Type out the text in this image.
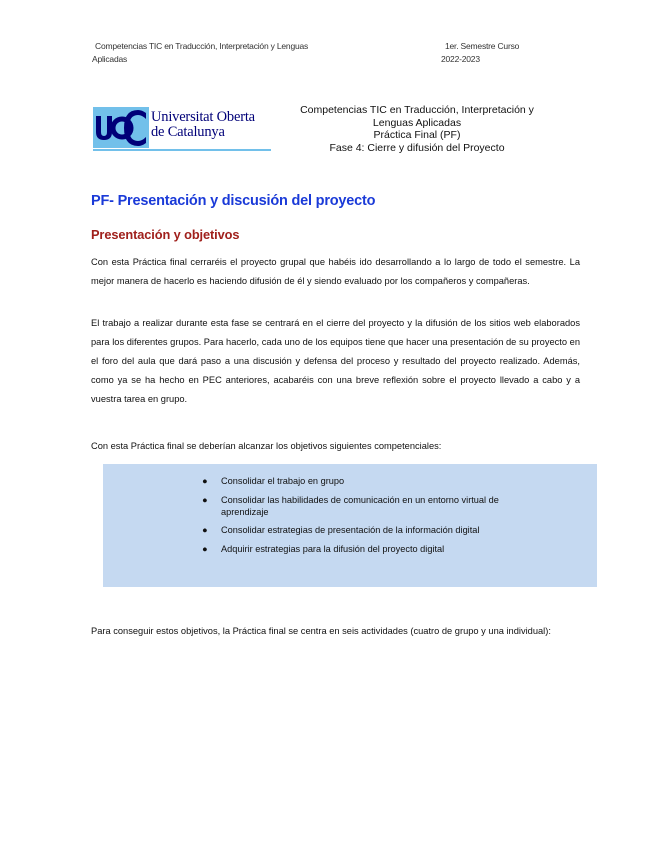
Competencias TIC en Traducción, Interpretación y Lenguas
Aplicadas
1er. Semestre Curso
2022-2023
Universitat Oberta
de Catalunya
Competencias TIC en Traducción, Interpretación y
Lenguas Aplicadas
Práctica Final (PF)
Fase 4: Cierre y difusión del Proyecto
PF- Presentación y discusión del proyecto
Presentación y objetivos

Con esta Práctica final cerraréis el proyecto grupal que habéis ido desarrollando a lo largo de todo el semestre. La mejor manera de hacerlo es haciendo difusión de él y siendo evaluado por los compañeros y compañeras.

El trabajo a realizar durante esta fase se centrará en el cierre del proyecto y la difusión de los sitios web elaborados para los diferentes grupos. Para hacerlo, cada uno de los equipos tiene que hacer una presentación de su proyecto en el foro del aula que dará paso a una discusión y defensa del proceso y resultado del proyecto realizado. Además, como ya se ha hecho en PEC anteriores, acabaréis con una breve reflexión sobre el proyecto llevado a cabo y a vuestra tarea en grupo.

Con esta Práctica final se deberían alcanzar los objetivos siguientes competenciales:

● Consolidar el trabajo en grupo
● Consolidar las habilidades de comunicación en un entorno virtual de aprendizaje
● Consolidar estrategias de presentación de la información digital
● Adquirir estrategias para la difusión del proyecto digital

Para conseguir estos objetivos, la Práctica final se centra en seis actividades (cuatro de grupo y una individual):
